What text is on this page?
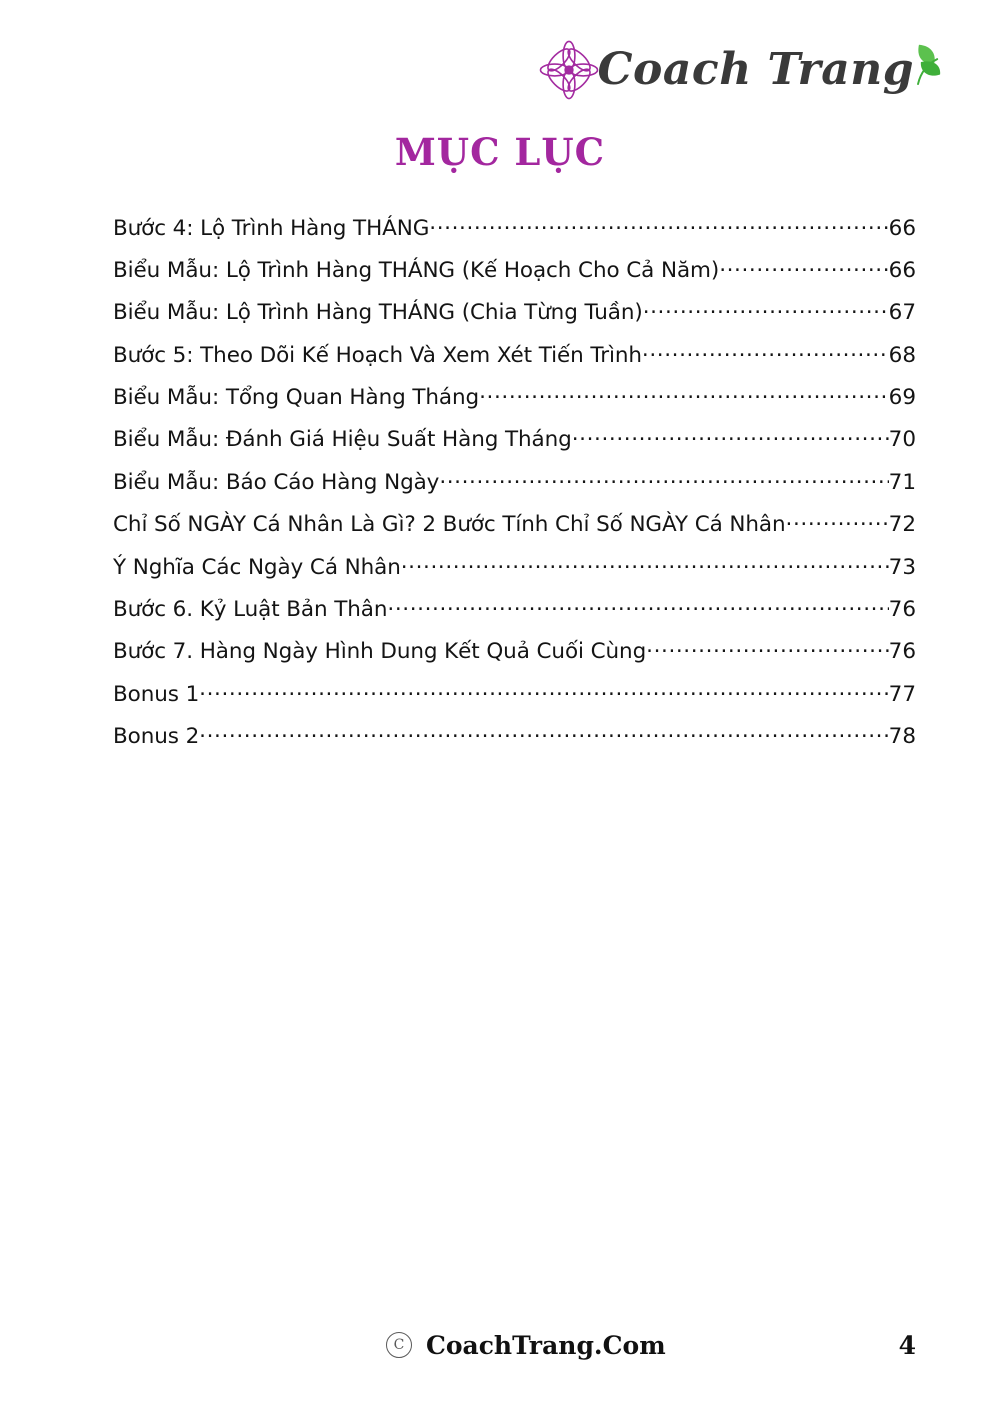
Coach Trang
MỤC LỤC
Bước 4: Lộ Trình Hàng THÁNG .....	66
Biểu Mẫu: Lộ Trình Hàng THÁNG (Kế Hoạch Cho Cả Năm) .....	66
Biểu Mẫu: Lộ Trình Hàng THÁNG (Chia Từng Tuần) .....	67
Bước 5: Theo Dõi Kế Hoạch Và Xem Xét Tiến Trình .....	68
Biểu Mẫu: Tổng Quan Hàng Tháng .....	69
Biểu Mẫu: Đánh Giá Hiệu Suất Hàng Tháng .....	70
Biểu Mẫu: Báo Cáo Hàng Ngày .....	71
Chỉ Số NGÀY Cá Nhân Là Gì? 2 Bước Tính Chỉ Số NGÀY Cá Nhân .....	72
Ý Nghĩa Các Ngày Cá Nhân .....	73
Bước 6. Kỷ Luật Bản Thân .....	76
Bước 7. Hàng Ngày Hình Dung Kết Quả Cuối Cùng .....	76
Bonus 1 .....	77
Bonus 2 .....	78
C CoachTrang.Com	4
